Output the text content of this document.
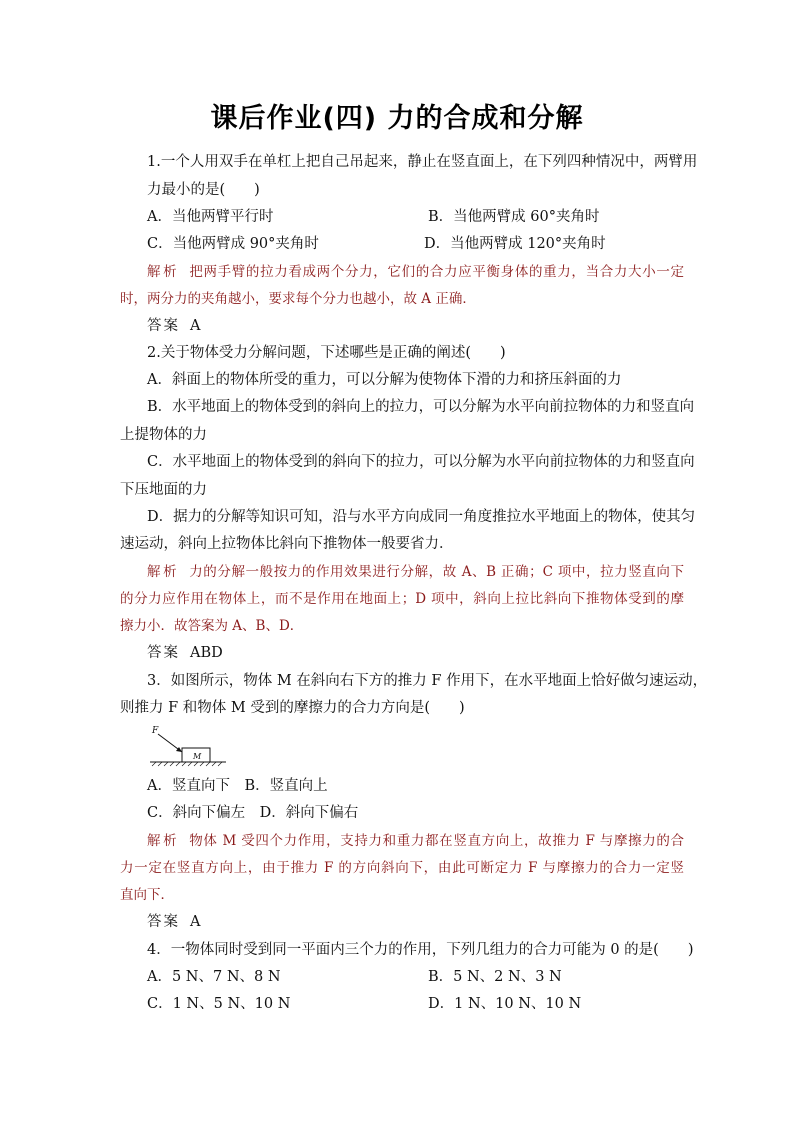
课后作业(四) 力的合成和分解
1.一个人用双手在单杠上把自己吊起来，静止在竖直面上，在下列四种情况中，两臂用
力最小的是(　　)
A．当他两臂平行时	B．当他两臂成 60°夹角时
C．当他两臂成 90°夹角时	D．当他两臂成 120°夹角时
解析 把两手臂的拉力看成两个分力，它们的合力应平衡身体的重力，当合力大小一定
时，两分力的夹角越小，要求每个分力也越小，故 A 正确．
答案 A
2.关于物体受力分解问题，下述哪些是正确的阐述(　　)
A．斜面上的物体所受的重力，可以分解为使物体下滑的力和挤压斜面的力
B．水平地面上的物体受到的斜向上的拉力，可以分解为水平向前拉物体的力和竖直向
上提物体的力
C．水平地面上的物体受到的斜向下的拉力，可以分解为水平向前拉物体的力和竖直向
下压地面的力
D．据力的分解等知识可知，沿与水平方向成同一角度推拉水平地面上的物体，使其匀
速运动，斜向上拉物体比斜向下推物体一般要省力．
解析 力的分解一般按力的作用效果进行分解，故 A、B 正确；C 项中，拉力竖直向下
的分力应作用在物体上，而不是作用在地面上；D 项中，斜向上拉比斜向下推物体受到的摩
擦力小．故答案为 A、B、D．
答案 ABD
3．如图所示，物体 M 在斜向右下方的推力 F 作用下，在水平地面上恰好做匀速运动，
则推力 F 和物体 M 受到的摩擦力的合力方向是(　　)
F
M
A．竖直向下　B．竖直向上
C．斜向下偏左　D．斜向下偏右
解析 物体 M 受四个力作用，支持力和重力都在竖直方向上，故推力 F 与摩擦力的合
力一定在竖直方向上，由于推力 F 的方向斜向下，由此可断定力 F 与摩擦力的合力一定竖
直向下．
答案 A
4．一物体同时受到同一平面内三个力的作用，下列几组力的合力可能为 0 的是(　　)
A．5 N、7 N、8 N	B．5 N、2 N、3 N
C．1 N、5 N、10 N	D．1 N、10 N、10 N
